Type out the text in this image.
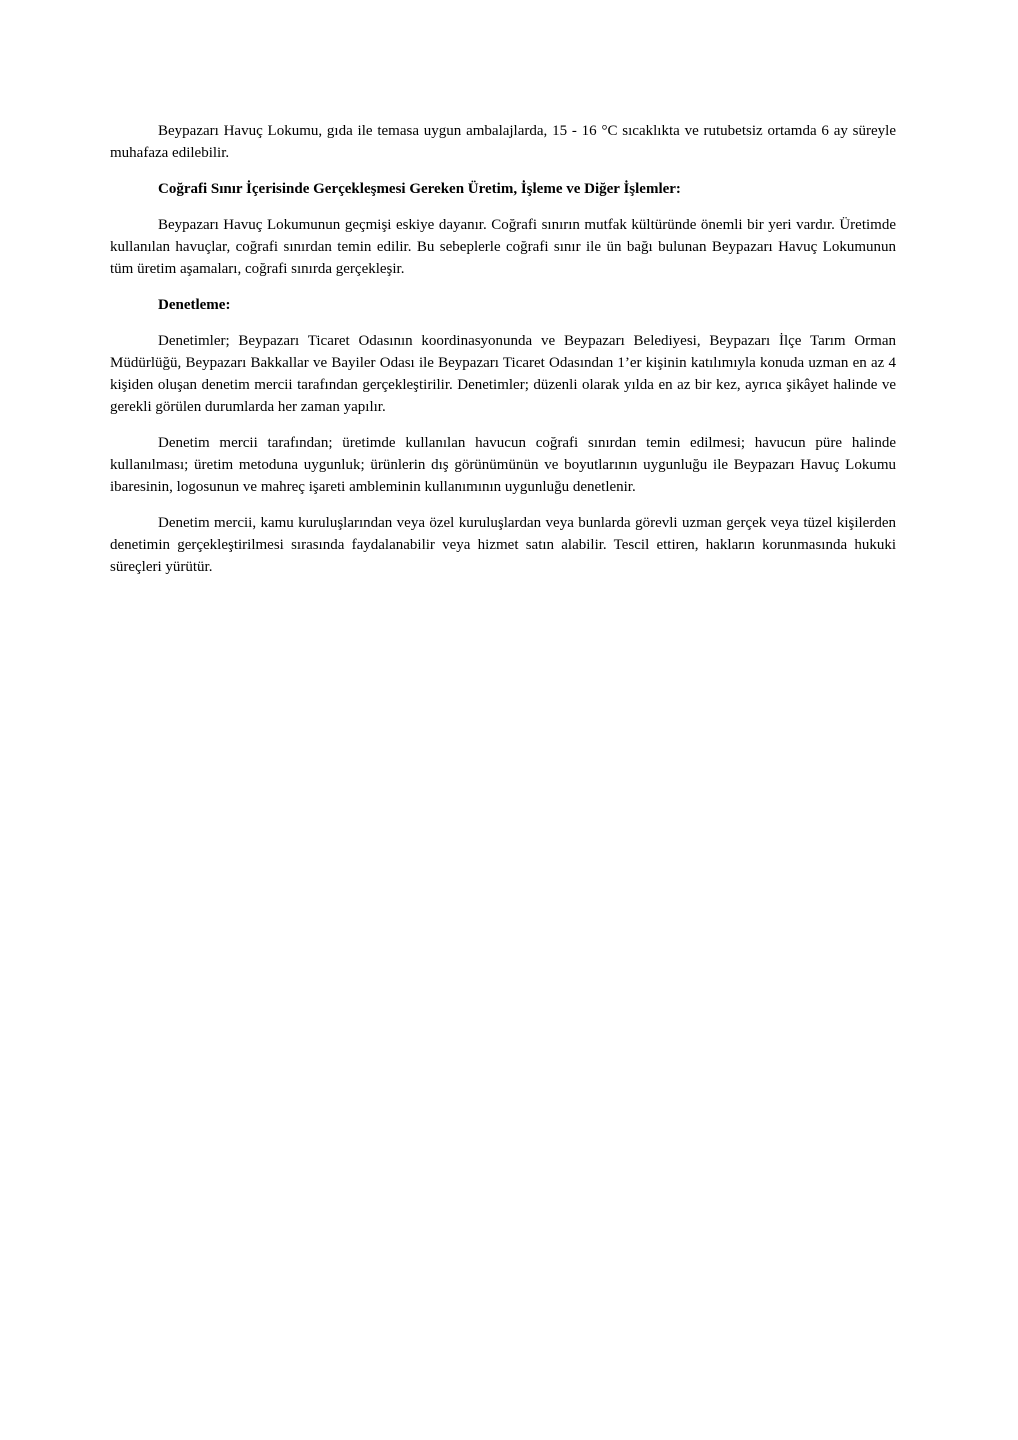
Beypazarı Havuç Lokumu, gıda ile temasa uygun ambalajlarda, 15 - 16 °C sıcaklıkta ve rutubetsiz ortamda 6 ay süreyle muhafaza edilebilir.

Coğrafi Sınır İçerisinde Gerçekleşmesi Gereken Üretim, İşleme ve Diğer İşlemler:

Beypazarı Havuç Lokumunun geçmişi eskiye dayanır. Coğrafi sınırın mutfak kültüründe önemli bir yeri vardır. Üretimde kullanılan havuçlar, coğrafi sınırdan temin edilir. Bu sebeplerle coğrafi sınır ile ün bağı bulunan Beypazarı Havuç Lokumunun tüm üretim aşamaları, coğrafi sınırda gerçekleşir.

Denetleme:

Denetimler; Beypazarı Ticaret Odasının koordinasyonunda ve Beypazarı Belediyesi, Beypazarı İlçe Tarım Orman Müdürlüğü, Beypazarı Bakkallar ve Bayiler Odası ile Beypazarı Ticaret Odasından 1’er kişinin katılımıyla konuda uzman en az 4 kişiden oluşan denetim mercii tarafından gerçekleştirilir. Denetimler; düzenli olarak yılda en az bir kez, ayrıca şikâyet halinde ve gerekli görülen durumlarda her zaman yapılır.

Denetim mercii tarafından; üretimde kullanılan havucun coğrafi sınırdan temin edilmesi; havucun püre halinde kullanılması; üretim metoduna uygunluk; ürünlerin dış görünümünün ve boyutlarının uygunluğu ile Beypazarı Havuç Lokumu ibaresinin, logosunun ve mahreç işareti ambleminin kullanımının uygunluğu denetlenir.

Denetim mercii, kamu kuruluşlarından veya özel kuruluşlardan veya bunlarda görevli uzman gerçek veya tüzel kişilerden denetimin gerçekleştirilmesi sırasında faydalanabilir veya hizmet satın alabilir. Tescil ettiren, hakların korunmasında hukuki süreçleri yürütür.
